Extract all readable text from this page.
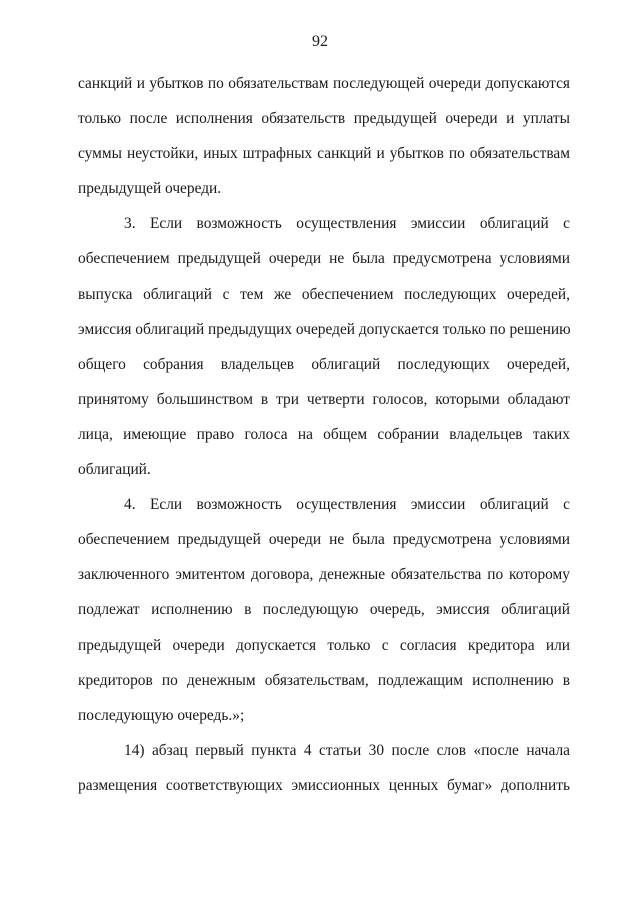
92
санкций и убытков по обязательствам последующей очереди допускаются
только после исполнения обязательств предыдущей очереди и уплаты
суммы неустойки, иных штрафных санкций и убытков по обязательствам
предыдущей очереди.
3. Если возможность осуществления эмиссии облигаций с
обеспечением предыдущей очереди не была предусмотрена условиями
выпуска облигаций с тем же обеспечением последующих очередей,
эмиссия облигаций предыдущих очередей допускается только по решению
общего собрания владельцев облигаций последующих очередей,
принятому большинством в три четверти голосов, которыми обладают
лица, имеющие право голоса на общем собрании владельцев таких
облигаций.
4. Если возможность осуществления эмиссии облигаций с
обеспечением предыдущей очереди не была предусмотрена условиями
заключенного эмитентом договора, денежные обязательства по которому
подлежат исполнению в последующую очередь, эмиссия облигаций
предыдущей очереди допускается только с согласия кредитора или
кредиторов по денежным обязательствам, подлежащим исполнению в
последующую очередь.»;
14) абзац первый пункта 4 статьи 30 после слов «после начала
размещения соответствующих эмиссионных ценных бумаг» дополнить
